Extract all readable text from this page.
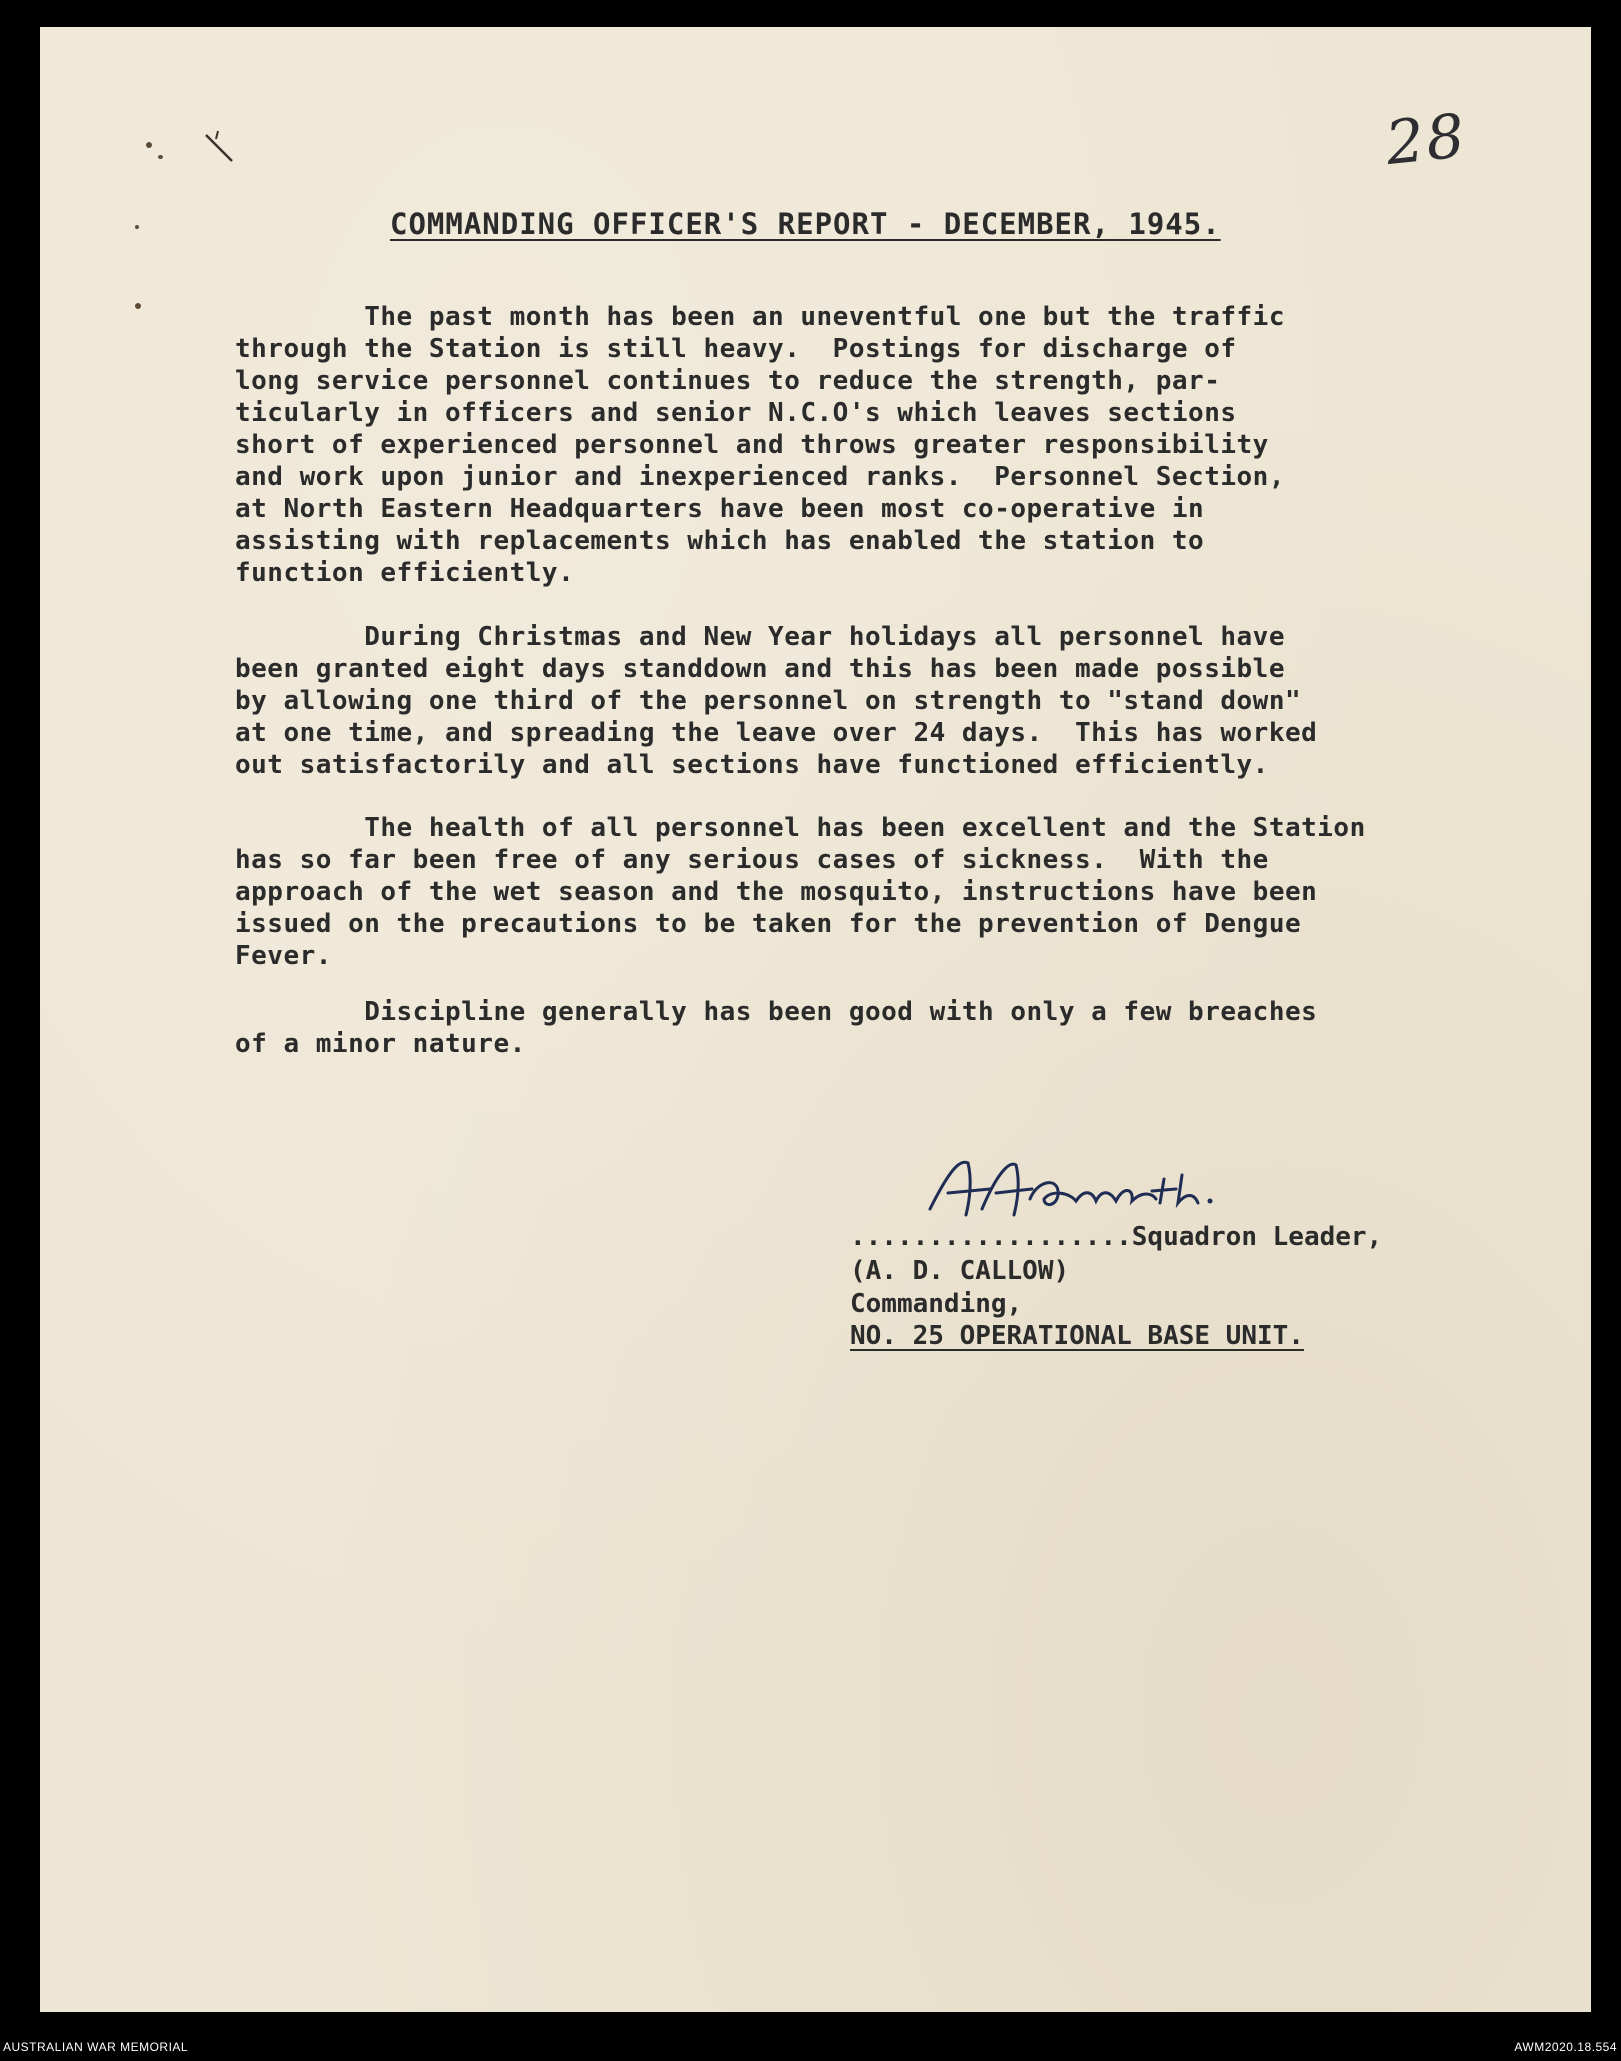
28
COMMANDING OFFICER'S REPORT - DECEMBER, 1945.
The past month has been an uneventful one but the traffic
through the Station is still heavy.  Postings for discharge of
long service personnel continues to reduce the strength, par-
ticularly in officers and senior N.C.O's which leaves sections
short of experienced personnel and throws greater responsibility
and work upon junior and inexperienced ranks.  Personnel Section,
at North Eastern Headquarters have been most co-operative in
assisting with replacements which has enabled the station to
function efficiently.
During Christmas and New Year holidays all personnel have
been granted eight days standdown and this has been made possible
by allowing one third of the personnel on strength to "stand down"
at one time, and spreading the leave over 24 days.  This has worked
out satisfactorily and all sections have functioned efficiently.
The health of all personnel has been excellent and the Station
has so far been free of any serious cases of sickness.  With the
approach of the wet season and the mosquito, instructions have been
issued on the precautions to be taken for the prevention of Dengue
Fever.
Discipline generally has been good with only a few breaches
of a minor nature.
..................Squadron Leader,
(A. D. CALLOW)
Commanding,
NO. 25 OPERATIONAL BASE UNIT.
AUSTRALIAN WAR MEMORIAL	AWM2020.18.554
